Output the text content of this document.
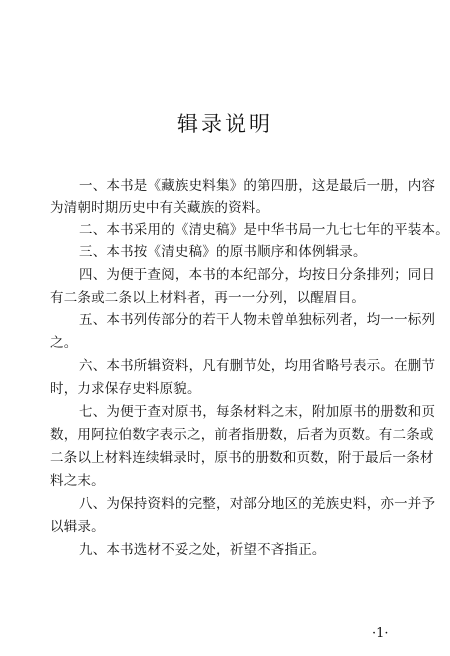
辑录说明
一、本书是《藏族史料集》的第四册，这是最后一册，内容
为清朝时期历史中有关藏族的资料。
二、本书采用的《清史稿》是中华书局一九七七年的平装本。
三、本书按《清史稿》的原书顺序和体例辑录。
四、为便于查阅，本书的本纪部分，均按日分条排列；同日
有二条或二条以上材料者，再一一分列，以醒眉目。
五、本书列传部分的若干人物未曾单独标列者，均一一标列
之。
六、本书所辑资料，凡有删节处，均用省略号表示。在删节
时，力求保存史料原貌。
七、为便于查对原书，每条材料之末，附加原书的册数和页
数，用阿拉伯数字表示之，前者指册数，后者为页数。有二条或
二条以上材料连续辑录时，原书的册数和页数，附于最后一条材
料之末。
八、为保持资料的完整，对部分地区的羌族史料，亦一并予
以辑录。
九、本书选材不妥之处，祈望不吝指正。
·1·
